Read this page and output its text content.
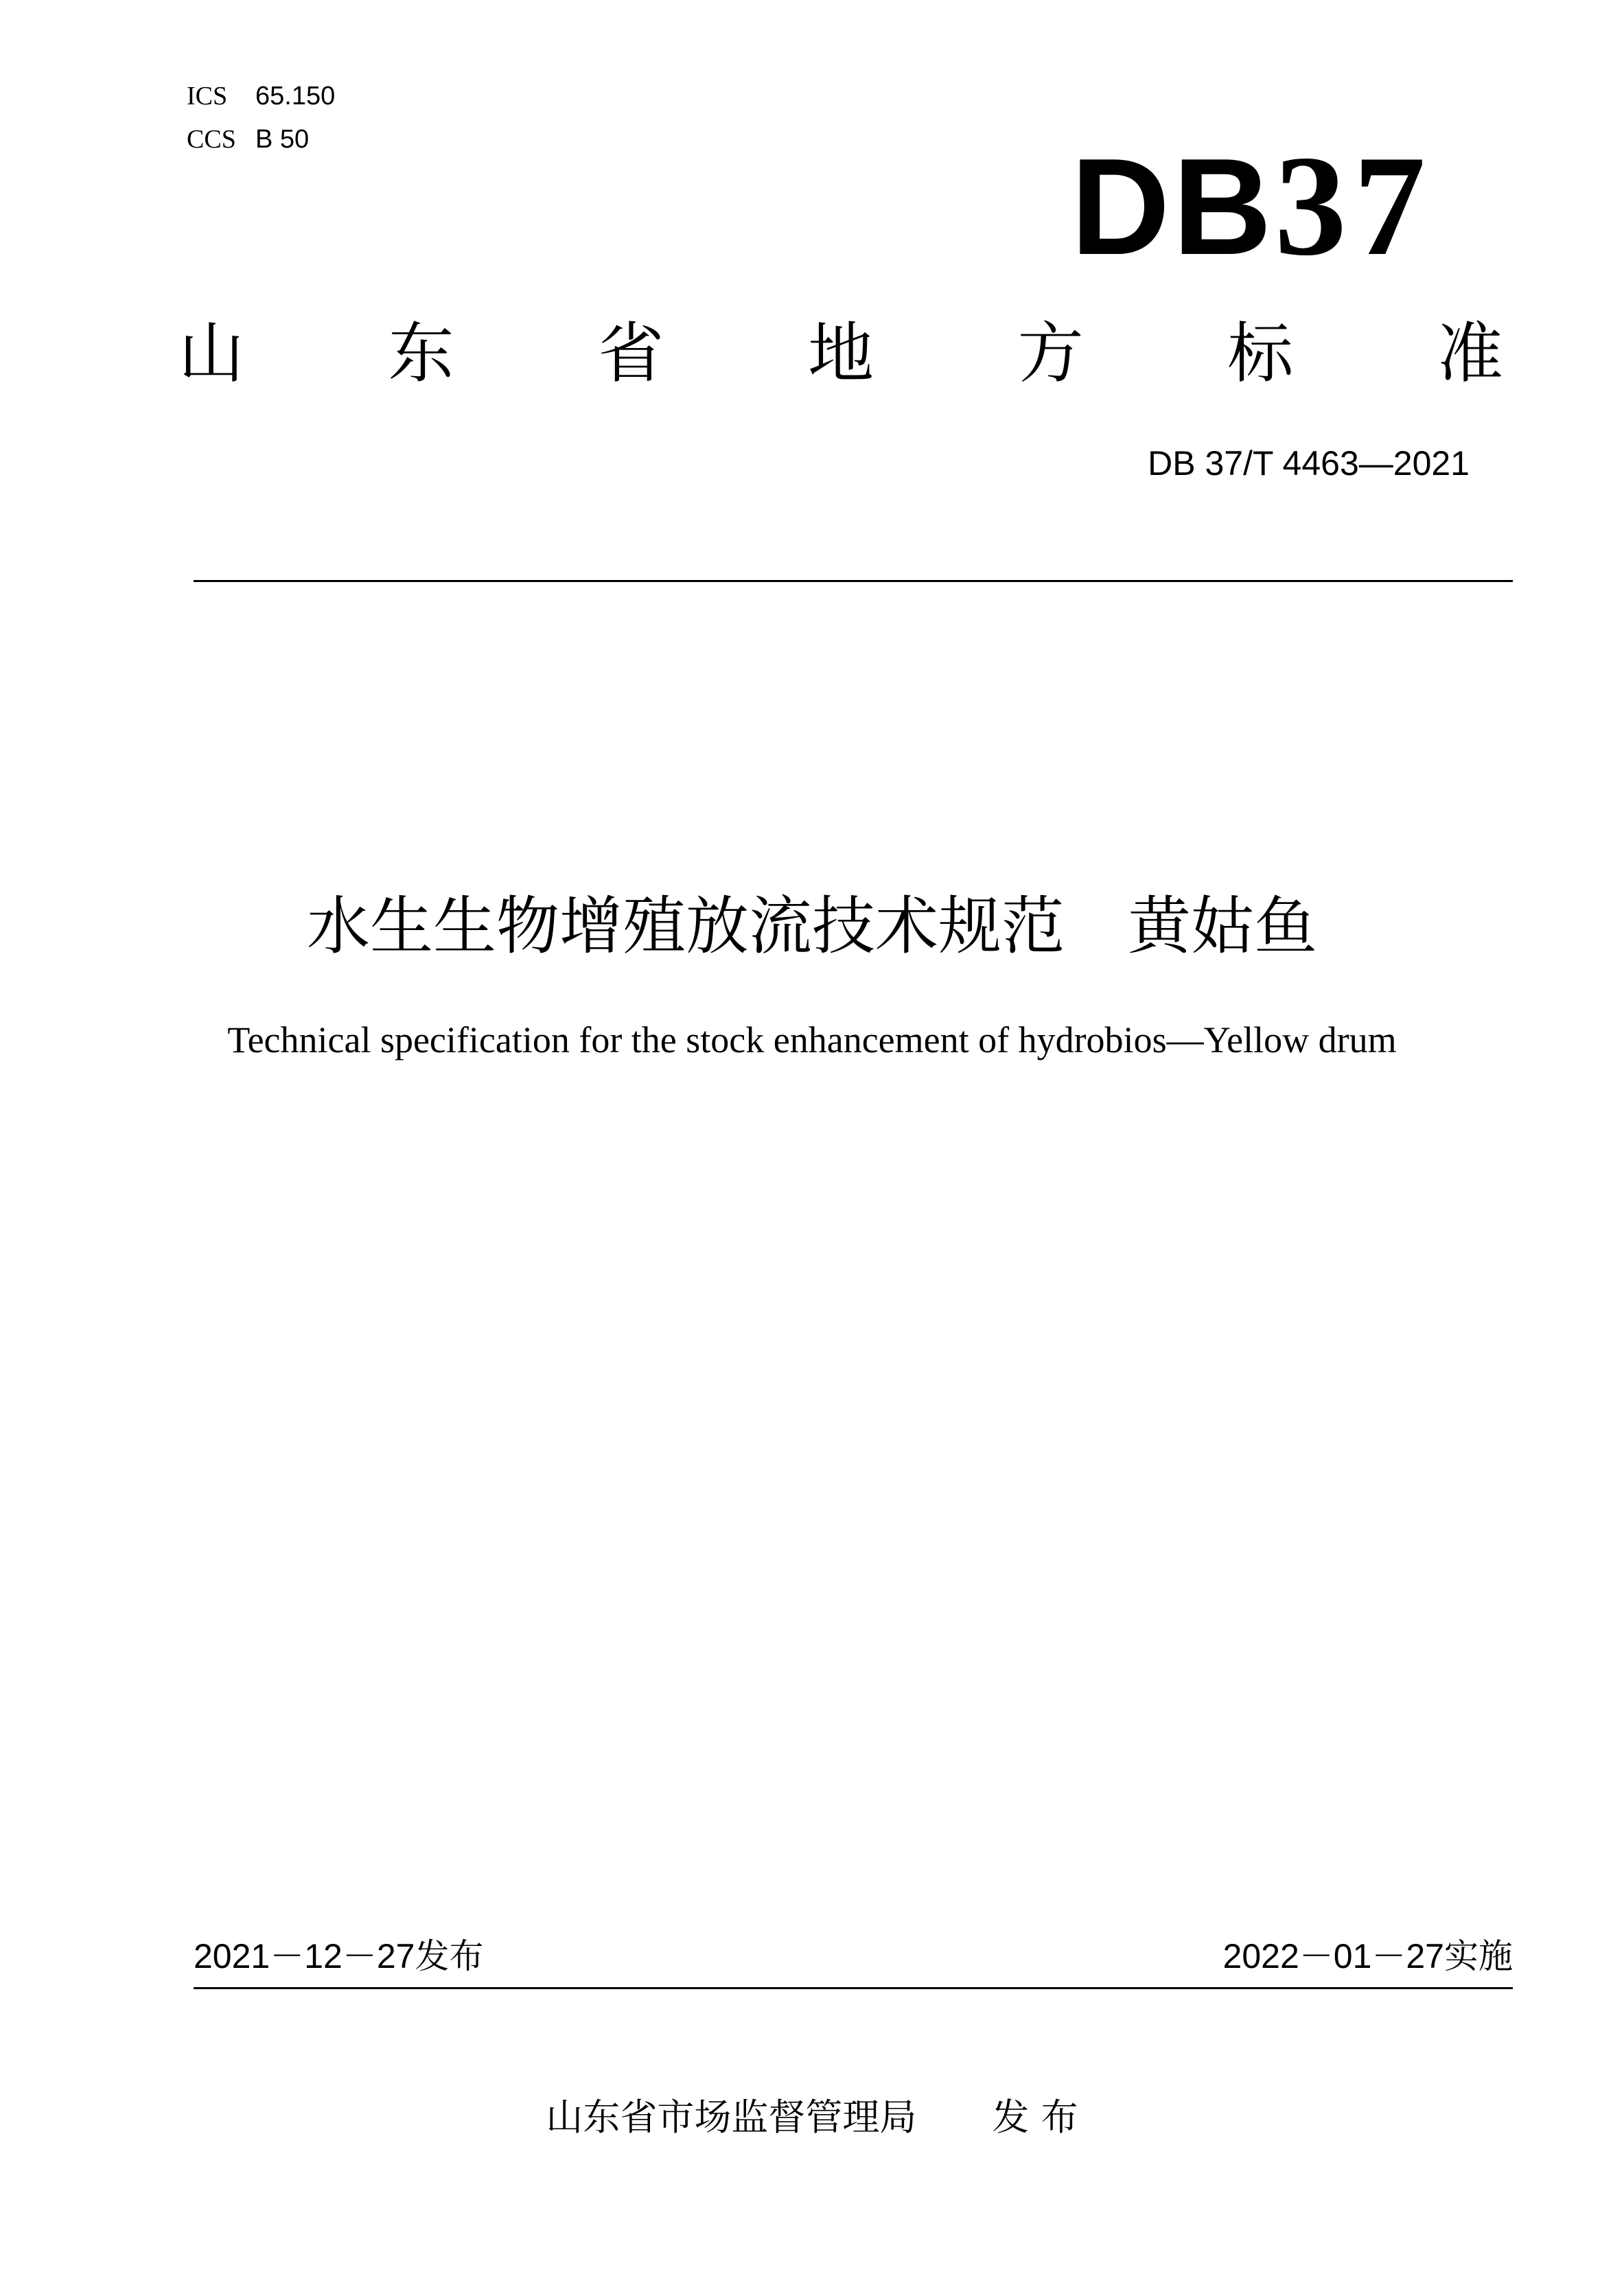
ICS 65.150
CCS B 50	DB37
山 东 省 地 方 标 准
DB 37/T 4463—2021
水生生物增殖放流技术规范　黄姑鱼
Technical specification for the stock enhancement of hydrobios—Yellow drum
2021－12－27发布	2022－01－27实施
山东省市场监督管理局 发 布
